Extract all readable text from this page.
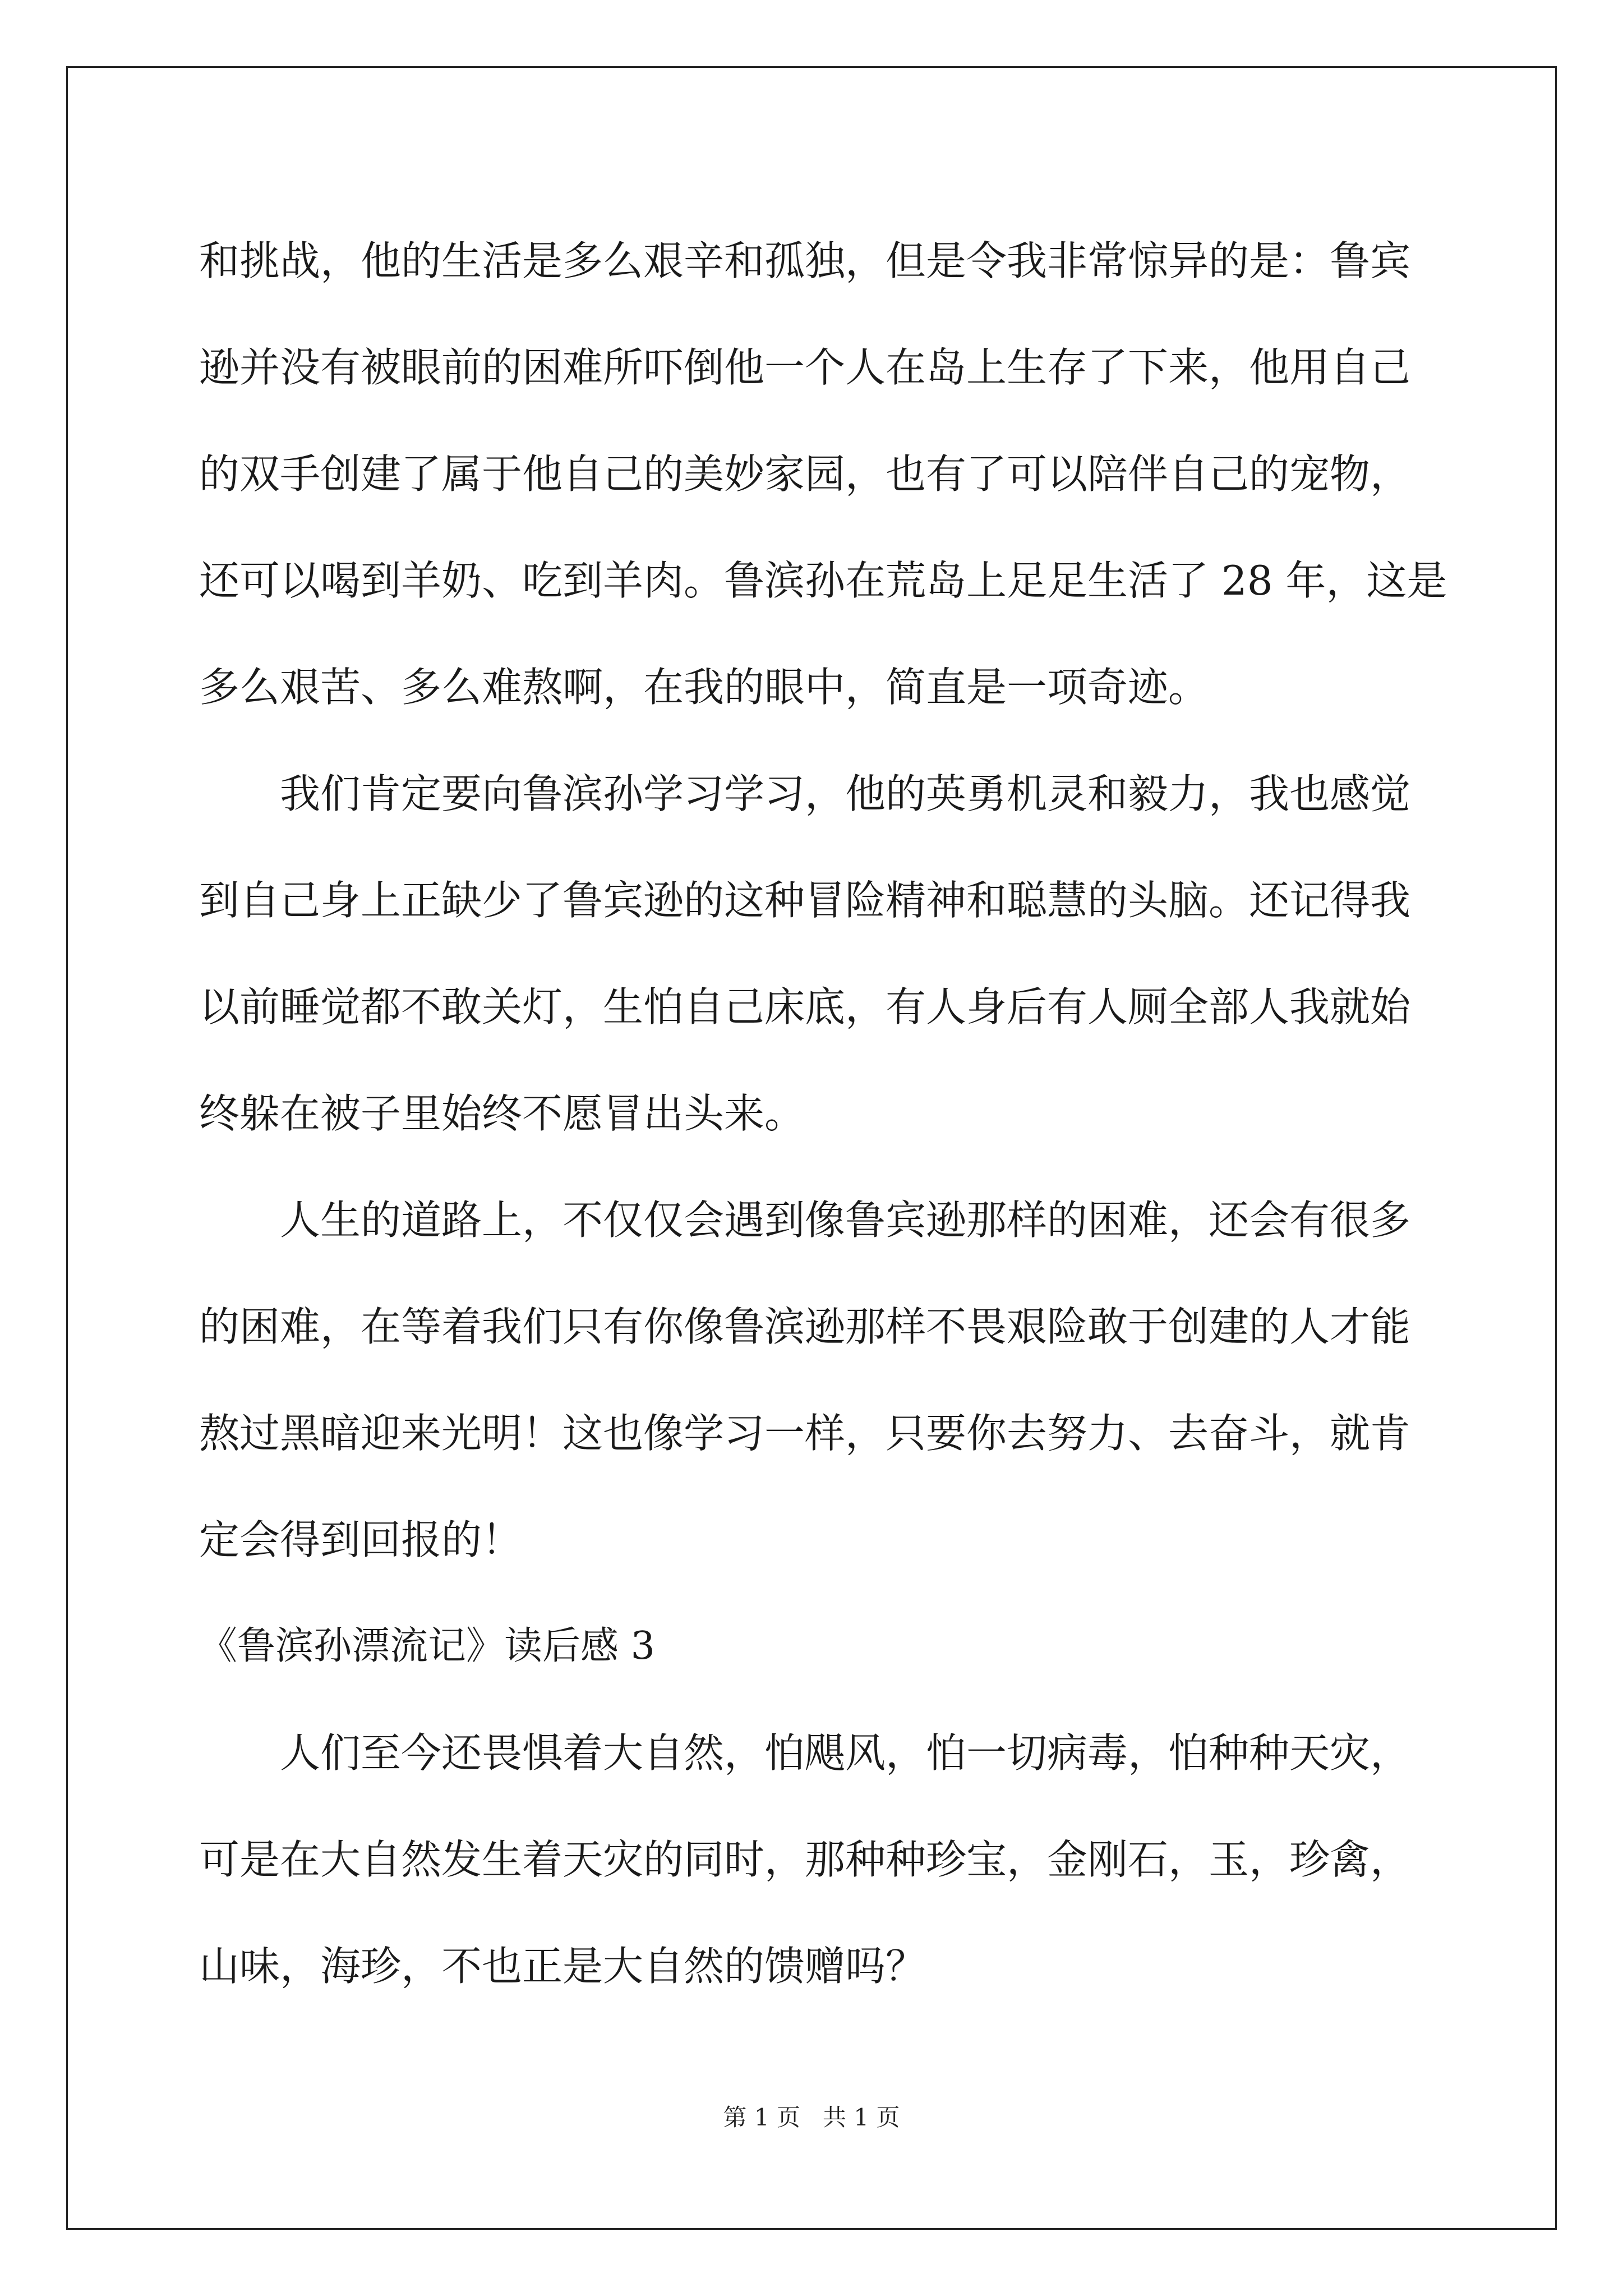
和挑战，他的生活是多么艰辛和孤独，但是令我非常惊异的是：鲁宾
逊并没有被眼前的困难所吓倒他一个人在岛上生存了下来，他用自己
的双手创建了属于他自己的美妙家园，也有了可以陪伴自己的宠物，
还可以喝到羊奶、吃到羊肉。鲁滨孙在荒岛上足足生活了 28 年，这是
多么艰苦、多么难熬啊，在我的眼中，简直是一项奇迹。
我们肯定要向鲁滨孙学习学习，他的英勇机灵和毅力，我也感觉
到自己身上正缺少了鲁宾逊的这种冒险精神和聪慧的头脑。还记得我
以前睡觉都不敢关灯，生怕自己床底，有人身后有人厕全部人我就始
终躲在被子里始终不愿冒出头来。
人生的道路上，不仅仅会遇到像鲁宾逊那样的困难，还会有很多
的困难，在等着我们只有你像鲁滨逊那样不畏艰险敢于创建的人才能
熬过黑暗迎来光明！这也像学习一样，只要你去努力、去奋斗，就肯
定会得到回报的！
《鲁滨孙漂流记》读后感 3
人们至今还畏惧着大自然，怕飓风，怕一切病毒，怕种种天灾，
可是在大自然发生着天灾的同时，那种种珍宝，金刚石，玉，珍禽，
山味，海珍，不也正是大自然的馈赠吗？
第 1 页   共 1 页
